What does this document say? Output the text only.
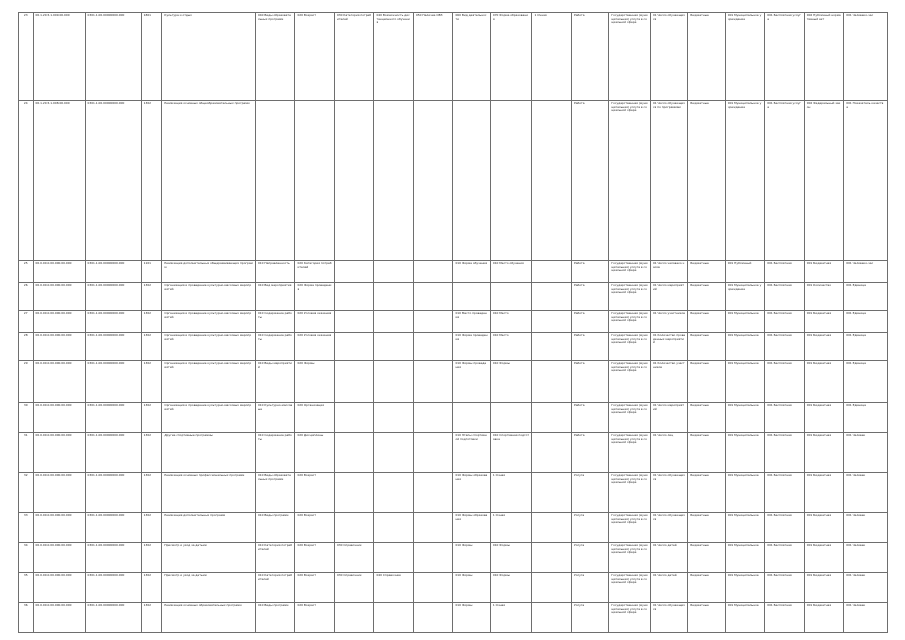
23	00.1.20.5.1.009.00.000	0301.1.00.00000000.000	1801	Культура и отдых	040 Виды образовательных программ	020 Возраст	030 Категория потребителей	040 Возможность дистанционного обучения	050 Наличие ОВЗ	060 Вид деятельности	070 Форма образования	1 Очная	Работа	Государственная (муниципальная) услуга в социальной сфере	01 Число обучающихся	Бюджетные	001 Муниципальное учреждение	001 Бесплатная услуга	002 Публичный нормативный акт	001 Человеко-час
24	00.1.20.5.1.008.00.000	0301.1.00.00000000.000	1302	Реализация основных общеобразовательных программ									Работа	Государственная (муниципальная) услуга в социальной сфере	01 Число обучающихся по программам	Бюджетные	001 Муниципальное учреждение	001 Бесплатная услуга	002 Федеральный закон	001 Показатель качества
25	00.0.00.0.00.000.00.000	0301.1.00.00000000.000	1101	Реализация дополнительных общеразвивающих программ	010 Направленность	020 Категория потребителей				010 Форма обучения	010 Место обучения		Работа	Государственная (муниципальная) услуга в социальной сфере	01 Число человеко-часов	Бюджетные	001 Публичный	001 Бесплатная	001 Бюджетная	001 Человеко-час
26	00.0.00.0.00.000.00.000	0301.1.00.00000000.000	1302	Организация и проведение культурно-массовых мероприятий	010 Вид мероприятия	020 Форма проведения							Работа	Государственная (муниципальная) услуга в социальной сфере	01 Число мероприятий	Бюджетные	001 Муниципальное учреждение	001 Бесплатная	001 Количество	001 Единица
27	00.0.00.0.00.000.00.000	0301.1.00.00000000.000	1302	Организация и проведение культурно-массовых мероприятий	010 Содержание работы	020 Условия оказания				010 Место проведения	010 Место		Работа	Государственная (муниципальная) услуга в социальной сфере	01 Число участников	Бюджетные	001 Муниципальное	001 Бесплатная	001 Бюджетная	001 Единица
28	00.0.00.0.00.000.00.000	0301.1.00.00000000.000	1302	Организация и проведение культурно-массовых мероприятий	010 Содержание работы	020 Условия оказания				010 Форма проведения	010 Место		Работа	Государственная (муниципальная) услуга в социальной сфере	01 Количество проведенных мероприятий	Бюджетные	001 Муниципальное	001 Бесплатная	001 Бюджетная	001 Единица
29	00.0.00.0.00.000.00.000	0301.1.00.00000000.000	1302	Организация и проведение культурно-массовых мероприятий	010 Виды мероприятий	020 Формы				010 Формы проведения	010 Формы		Работа	Государственная (муниципальная) услуга в социальной сфере	01 Количество участников	Бюджетные	001 Муниципальное	001 Бесплатная	001 Бюджетная	001 Единица
30	00.0.00.0.00.000.00.000	0301.1.00.00000000.000	1302	Организация и проведение культурно-массовых мероприятий	010 Культурно-массовые	020 Организация							Работа	Государственная (муниципальная) услуга в социальной сфере	01 Число мероприятий	Бюджетные	001 Муниципальное	001 Бесплатная	001 Бюджетная	001 Единица
31	00.0.00.0.00.000.00.000	0301.1.00.00000000.000	1302	Другие спортивные программы	010 Содержание работы	020 Дисциплины				010 Этапы спортивной подготовки	010 Спортивная подготовка		Работа	Государственная (муниципальная) услуга в социальной сфере	01 Число лиц	Бюджетные	001 Муниципальное	001 Бесплатная	001 Бюджетная	001 Человек
32	00.0.00.0.00.000.00.000	0301.1.00.00000000.000	1302	Реализация основных профессиональных программ	010 Виды образовательных программ	020 Возраст				010 Формы образования	1 Очная		Услуга	Государственная (муниципальная) услуга в социальной сфере	01 Число обучающихся	Бюджетные	001 Муниципальное	001 Бесплатная	001 Бюджетная	001 Человек
33	00.0.00.0.00.000.00.000	0301.1.00.00000000.000	1302	Реализация дополнительных программ	010 Виды программ	020 Возраст				010 Формы образования	1 Очная		Услуга	Государственная (муниципальная) услуга в социальной сфере	01 Число обучающихся	Бюджетные	001 Муниципальное	001 Бесплатная	001 Бюджетная	001 Человек
34	00.0.00.0.00.000.00.000	0301.1.00.00000000.000	1302	Присмотр и уход за детьми	010 Категория потребителей	020 Возраст	030 Справочник			010 Формы	010 Формы		Услуга	Государственная (муниципальная) услуга в социальной сфере	01 Число детей	Бюджетные	001 Муниципальное	001 Бесплатная	001 Бюджетная	001 Человек
35	00.0.00.0.00.000.00.000	0301.1.00.00000000.000	1302	Присмотр и уход за детьми	010 Категория потребителей	020 Возраст	030 Справочник	040 Справочник		010 Формы	010 Формы		Услуга	Государственная (муниципальная) услуга в социальной сфере	01 Число детей	Бюджетные	001 Муниципальное	001 Бесплатная	001 Бюджетная	001 Человек
36	00.0.00.0.00.000.00.000	0301.1.00.00000000.000	1302	Реализация основных образовательных программ	010 Виды программ	020 Возраст				010 Формы	1 Очная		Услуга	Государственная (муниципальная) услуга в социальной сфере	01 Число обучающихся	Бюджетные	001 Муниципальное	001 Бесплатная	001 Бюджетная	001 Человек
